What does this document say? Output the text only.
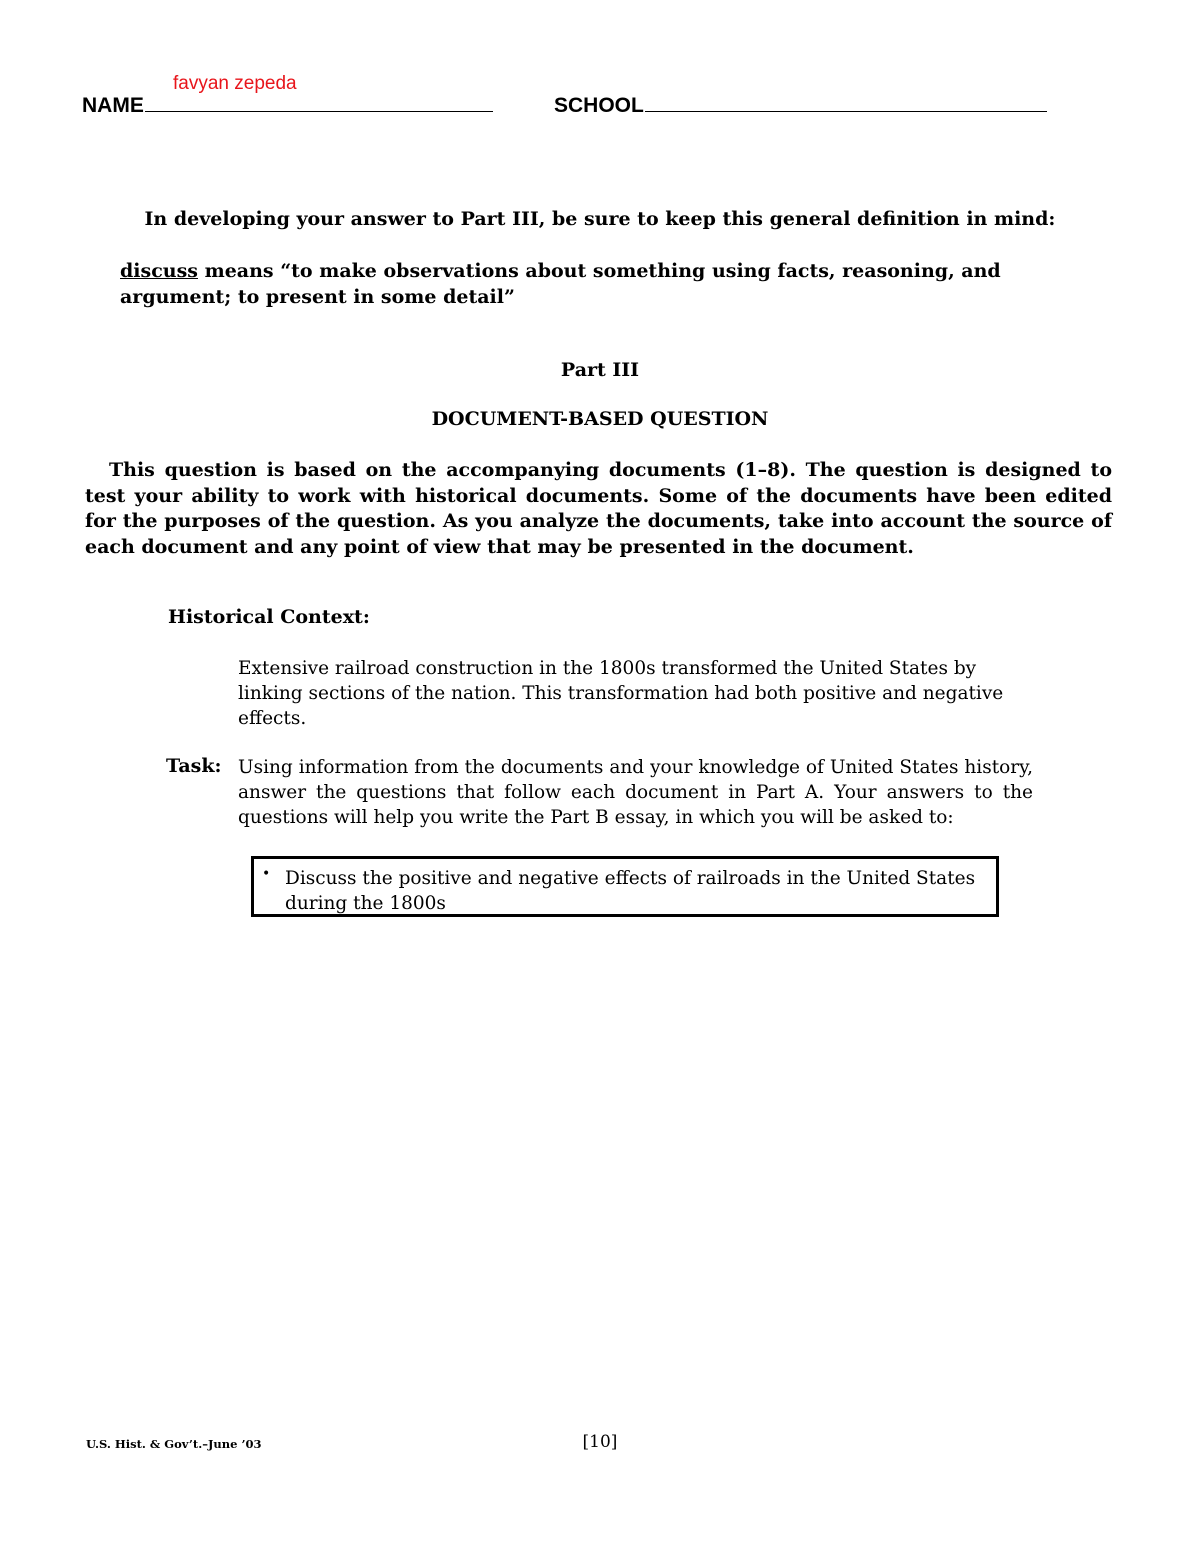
NAME
favyan zepeda
SCHOOL
In developing your answer to Part III, be sure to keep this general definition in mind:
discuss means “to make observations about something using facts, reasoning, and argument; to present in some detail”
Part III
DOCUMENT-BASED QUESTION
This question is based on the accompanying documents (1–8). The question is designed to test your ability to work with historical documents. Some of the documents have been edited for the purposes of the question. As you analyze the documents, take into account the source of each document and any point of view that may be presented in the document.
Historical Context:
Extensive railroad construction in the 1800s transformed the United States by linking sections of the nation. This transformation had both positive and negative effects.
Task: Using information from the documents and your knowledge of United States history, answer the questions that follow each document in Part A. Your answers to the questions will help you write the Part B essay, in which you will be asked to:
• Discuss the positive and negative effects of railroads in the United States during the 1800s
U.S. Hist. & Gov’t.–June ’03	[10]
